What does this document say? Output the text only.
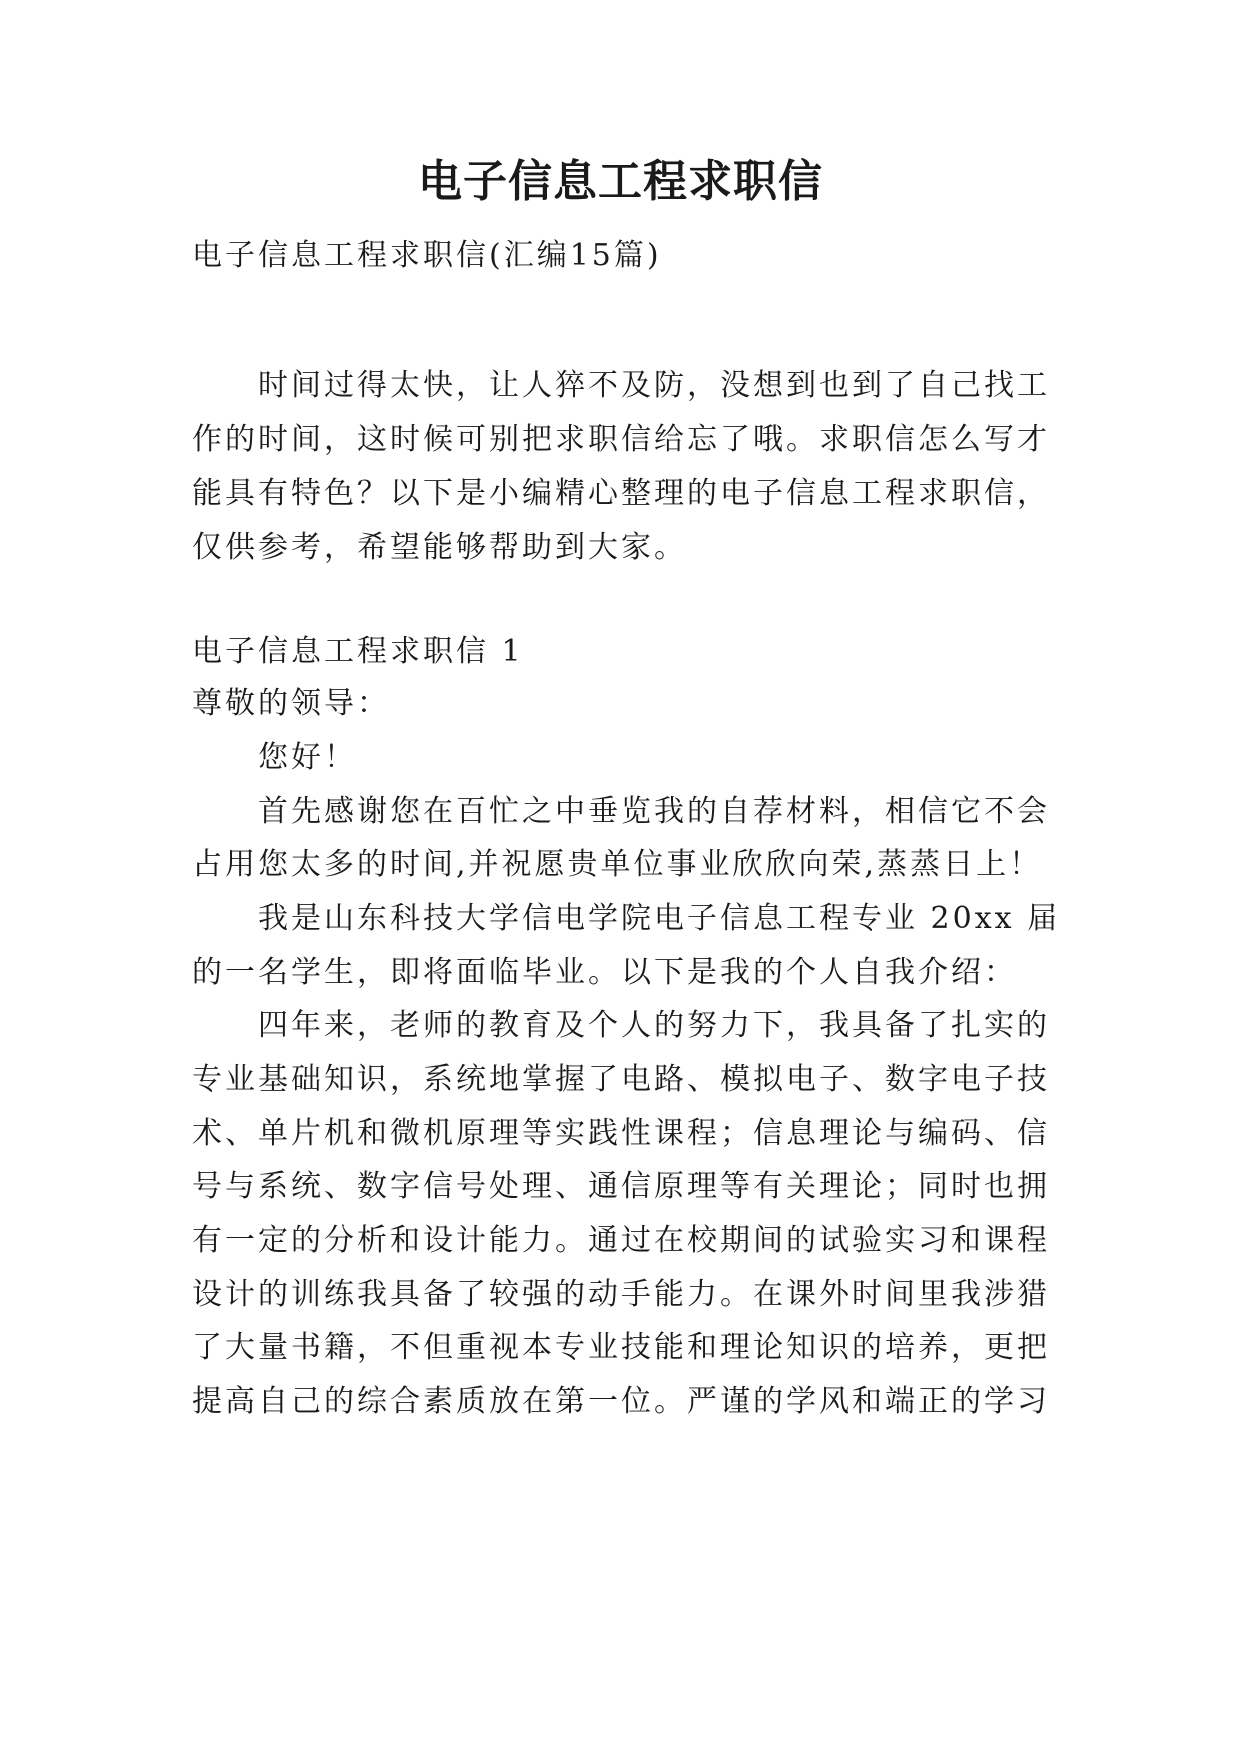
电子信息工程求职信

电子信息工程求职信(汇编15篇)

时间过得太快，让人猝不及防，没想到也到了自己找工

作的时间，这时候可别把求职信给忘了哦。求职信怎么写才

能具有特色？以下是小编精心整理的电子信息工程求职信，

仅供参考，希望能够帮助到大家。

电子信息工程求职信 1

尊敬的领导：

您好！

首先感谢您在百忙之中垂览我的自荐材料，相信它不会

占用您太多的时间,并祝愿贵单位事业欣欣向荣,蒸蒸日上！

我是山东科技大学信电学院电子信息工程专业 20xx 届

的一名学生，即将面临毕业。以下是我的个人自我介绍：

四年来，老师的教育及个人的努力下，我具备了扎实的

专业基础知识，系统地掌握了电路、模拟电子、数字电子技

术、单片机和微机原理等实践性课程；信息理论与编码、信

号与系统、数字信号处理、通信原理等有关理论；同时也拥

有一定的分析和设计能力。通过在校期间的试验实习和课程

设计的训练我具备了较强的动手能力。在课外时间里我涉猎

了大量书籍，不但重视本专业技能和理论知识的培养，更把

提高自己的综合素质放在第一位。严谨的学风和端正的学习
